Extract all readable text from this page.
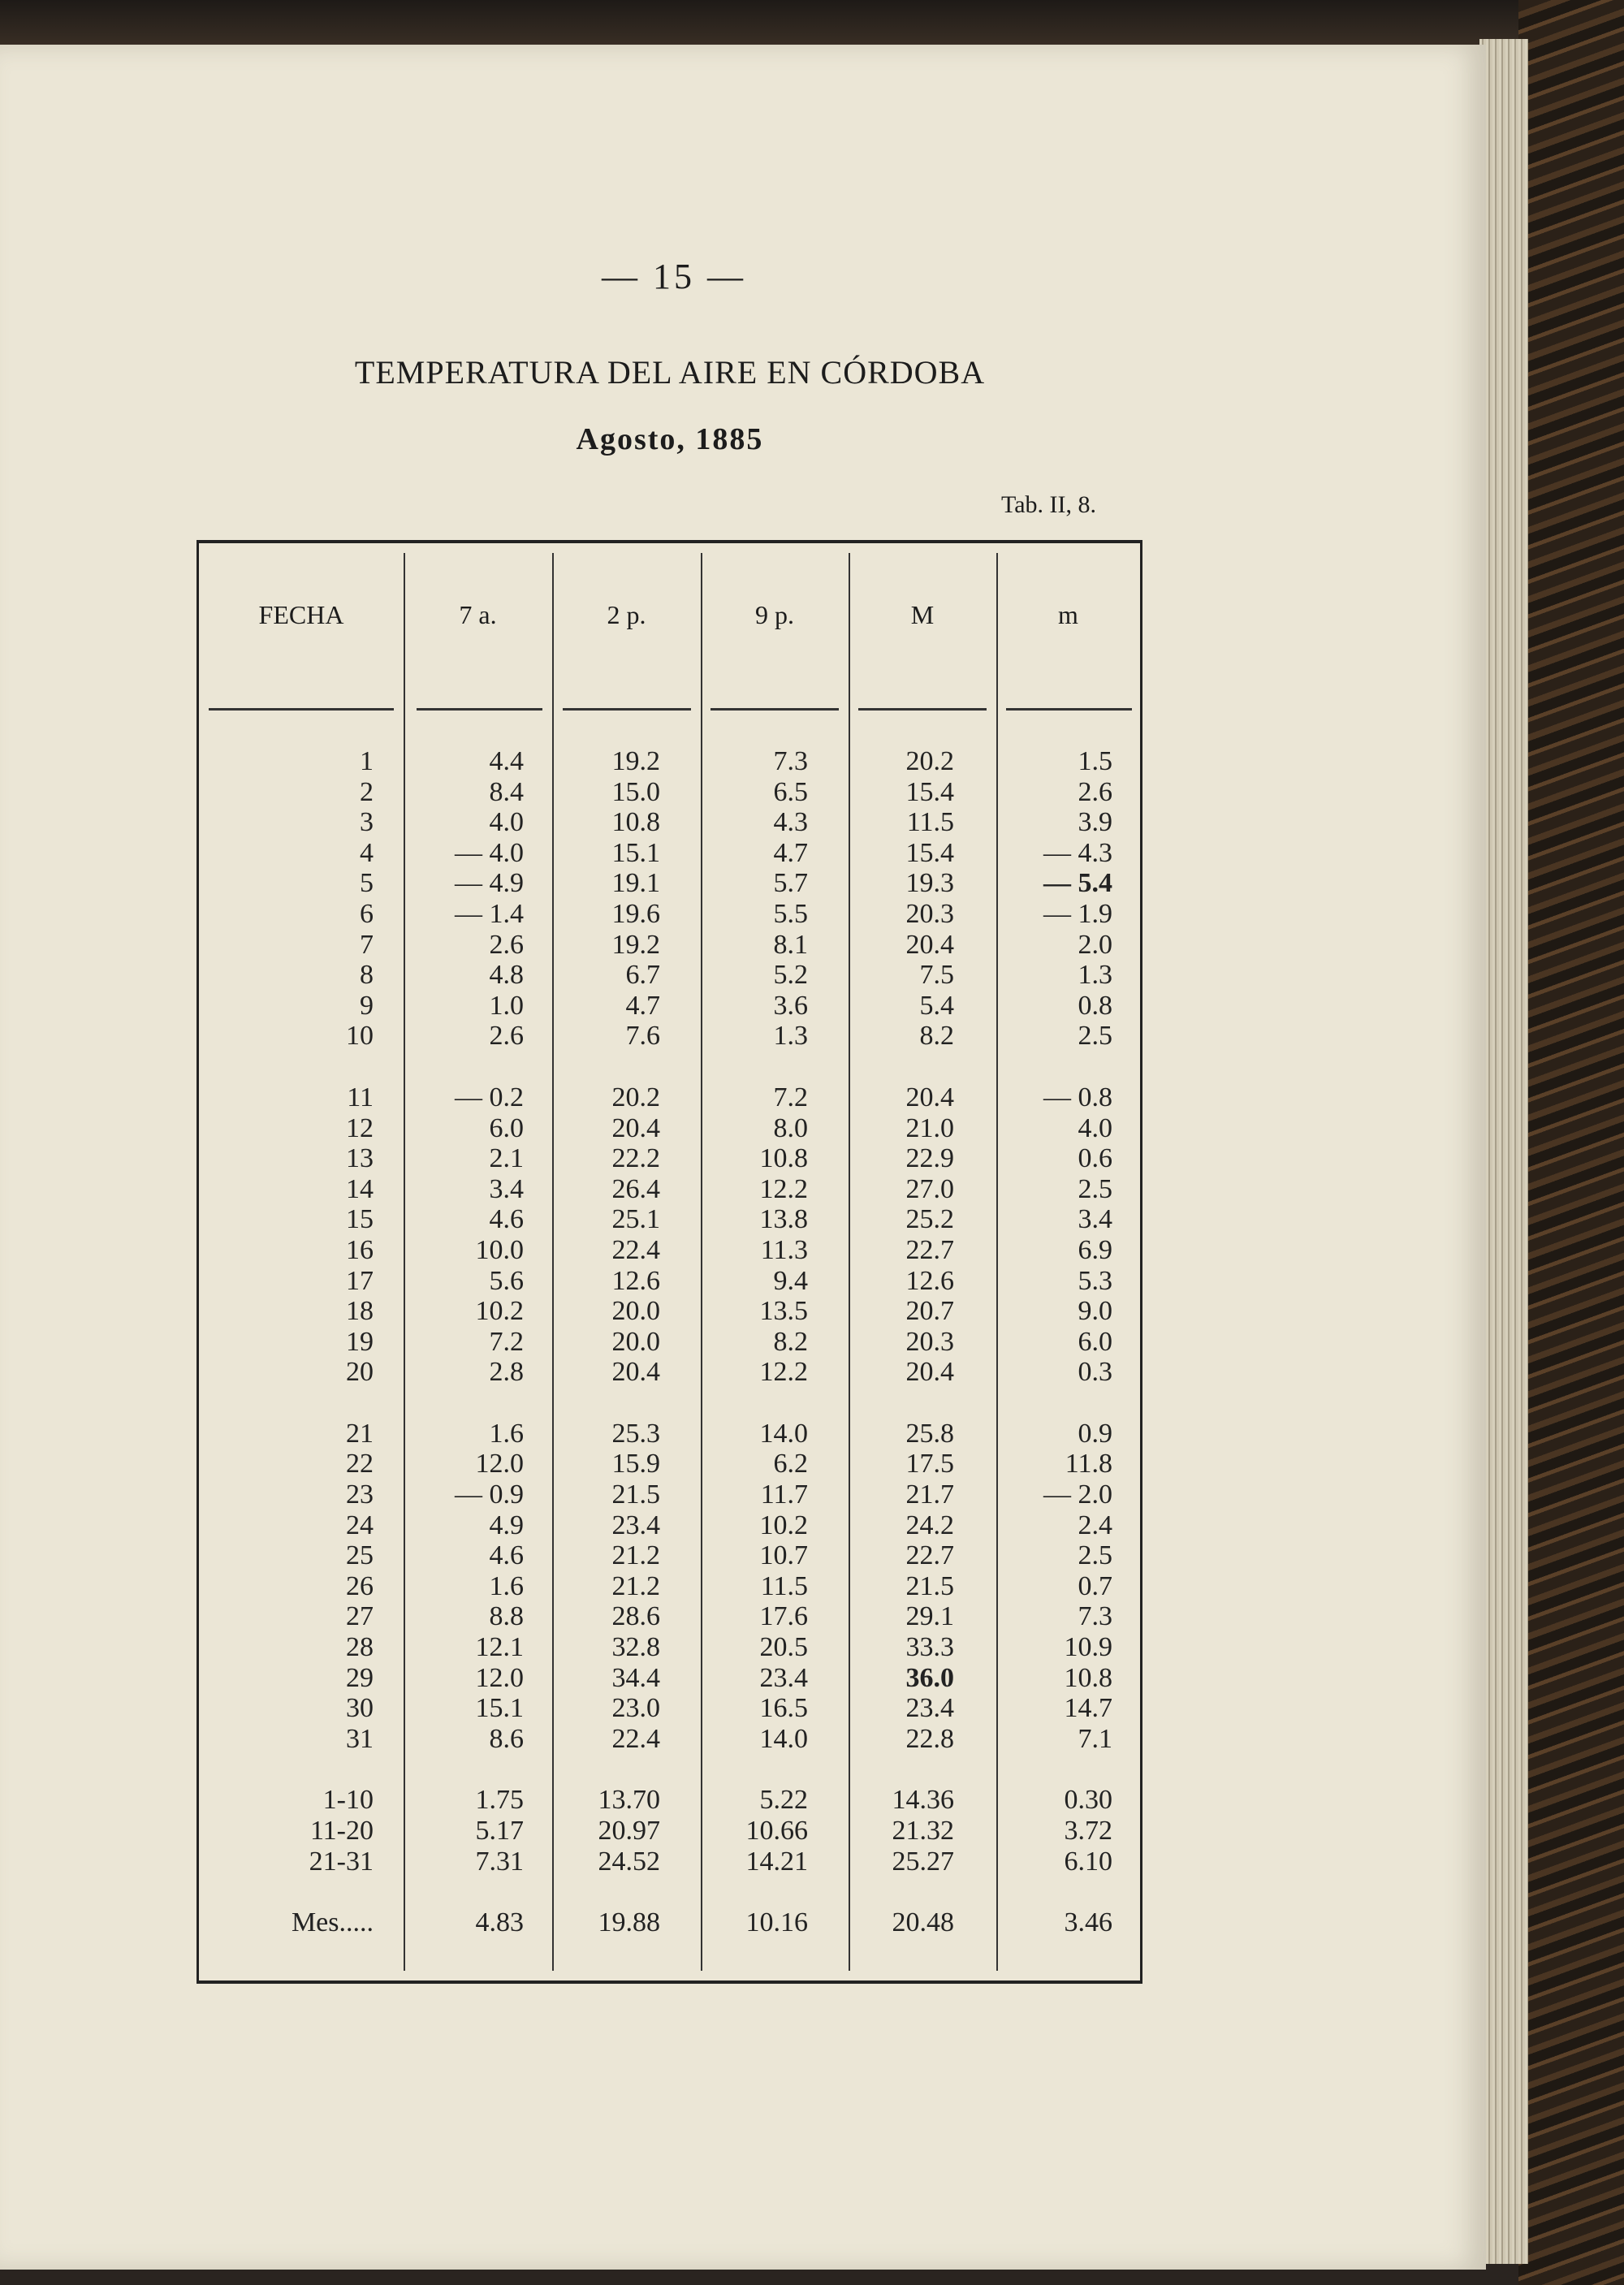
— 15 —
TEMPERATURA DEL AIRE EN CÓRDOBA
Agosto, 1885
Tab. II, 8.
FECHA	7 a.	2 p.	9 p.	M	m
1	4.4	19.2	7.3	20.2	1.5
2	8.4	15.0	6.5	15.4	2.6
3	4.0	10.8	4.3	11.5	3.9
4	— 4.0	15.1	4.7	15.4	— 4.3
5	— 4.9	19.1	5.7	19.3	— 5.4
6	— 1.4	19.6	5.5	20.3	— 1.9
7	2.6	19.2	8.1	20.4	2.0
8	4.8	6.7	5.2	7.5	1.3
9	1.0	4.7	3.6	5.4	0.8
10	2.6	7.6	1.3	8.2	2.5
11	— 0.2	20.2	7.2	20.4	— 0.8
12	6.0	20.4	8.0	21.0	4.0
13	2.1	22.2	10.8	22.9	0.6
14	3.4	26.4	12.2	27.0	2.5
15	4.6	25.1	13.8	25.2	3.4
16	10.0	22.4	11.3	22.7	6.9
17	5.6	12.6	9.4	12.6	5.3
18	10.2	20.0	13.5	20.7	9.0
19	7.2	20.0	8.2	20.3	6.0
20	2.8	20.4	12.2	20.4	0.3
21	1.6	25.3	14.0	25.8	0.9
22	12.0	15.9	6.2	17.5	11.8
23	— 0.9	21.5	11.7	21.7	— 2.0
24	4.9	23.4	10.2	24.2	2.4
25	4.6	21.2	10.7	22.7	2.5
26	1.6	21.2	11.5	21.5	0.7
27	8.8	28.6	17.6	29.1	7.3
28	12.1	32.8	20.5	33.3	10.9
29	12.0	34.4	23.4	36.0	10.8
30	15.1	23.0	16.5	23.4	14.7
31	8.6	22.4	14.0	22.8	7.1
1-10	1.75	13.70	5.22	14.36	0.30
11-20	5.17	20.97	10.66	21.32	3.72
21-31	7.31	24.52	14.21	25.27	6.10
Mes.....	4.83	19.88	10.16	20.48	3.46
